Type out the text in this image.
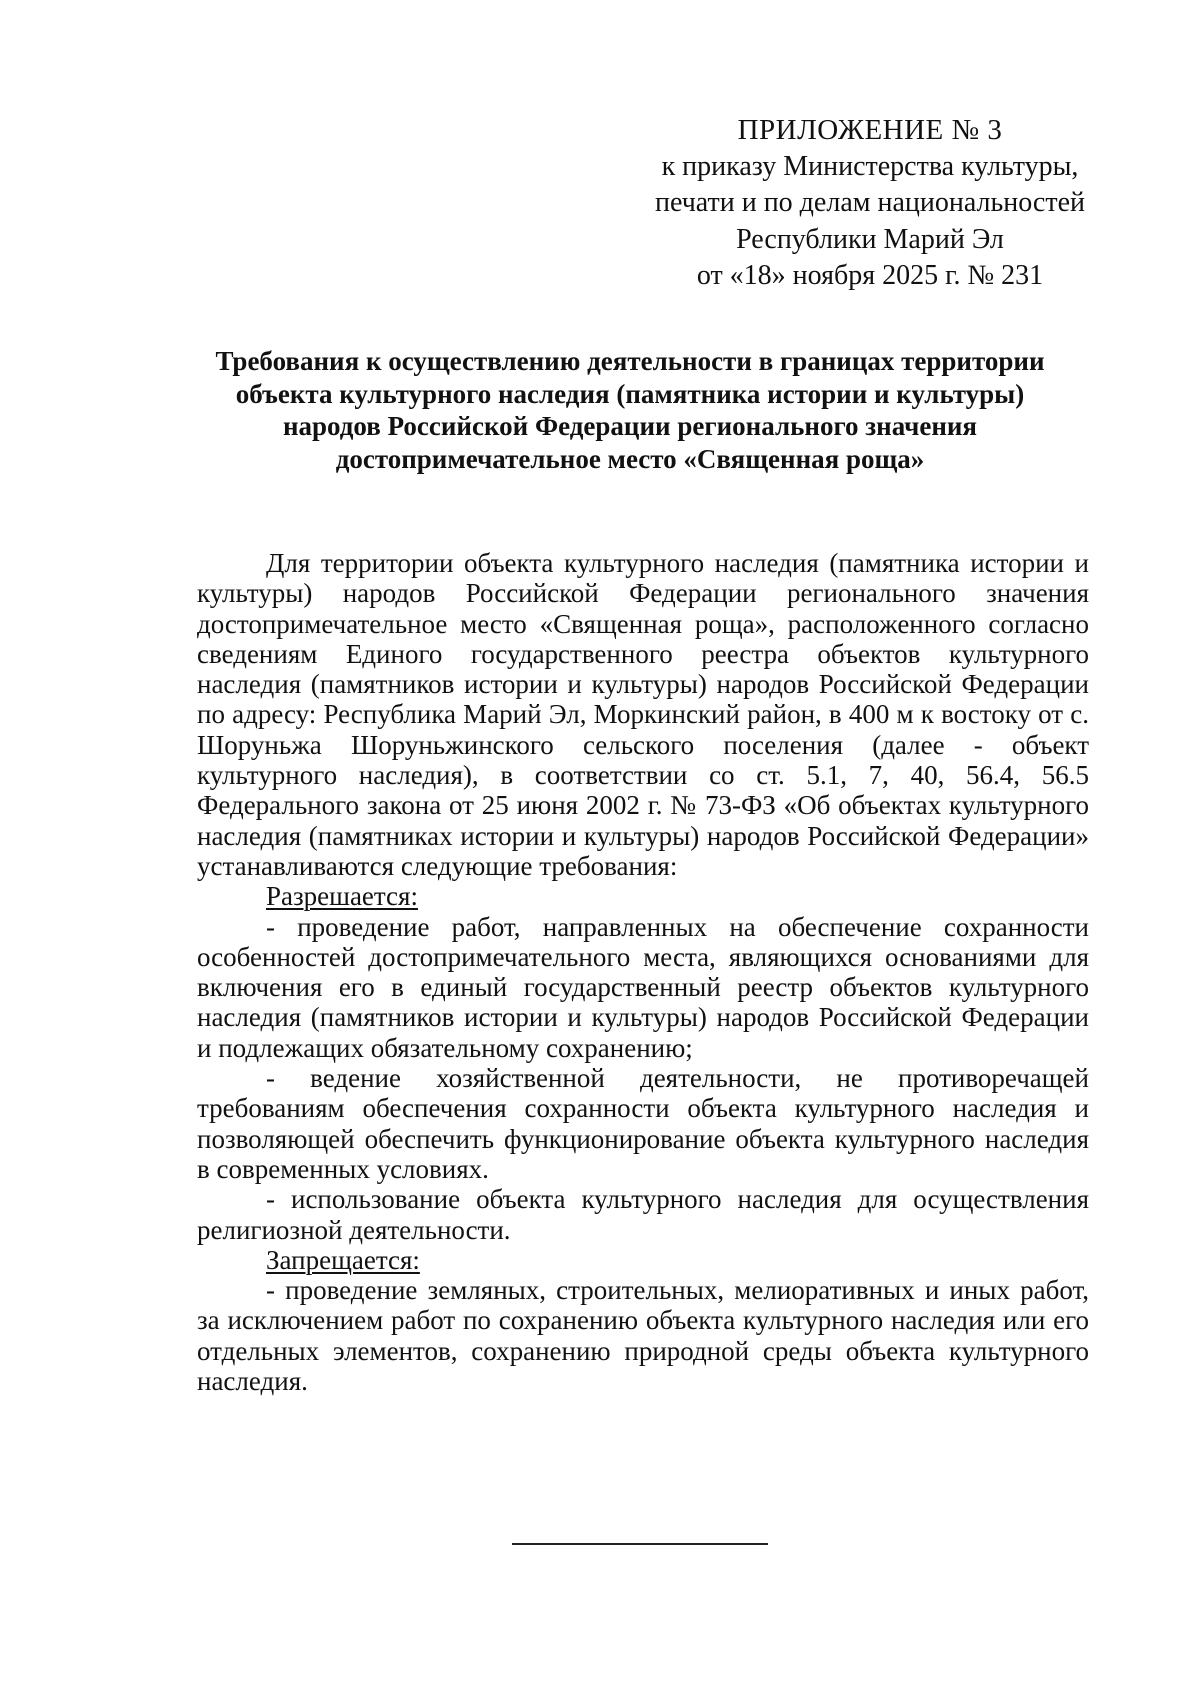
ПРИЛОЖЕНИЕ № 3
к приказу Министерства культуры,
печати и по делам национальностей
Республики Марий Эл
от «18» ноября 2025 г. № 231
Требования к осуществлению деятельности в границах территории
объекта культурного наследия (памятника истории и культуры)
народов Российской Федерации регионального значения
достопримечательное место «Священная роща»

Для территории объекта культурного наследия (памятника истории и культуры) народов Российской Федерации регионального значения достопримечательное место «Священная роща», расположенного согласно сведениям Единого государственного реестра объектов культурного наследия (памятников истории и культуры) народов Российской Федерации по адресу: Республика Марий Эл, Моркинский район, в 400 м к востоку от с. Шоруньжа Шоруньжинского сельского поселения (далее - объект культурного наследия), в соответствии со ст. 5.1, 7, 40, 56.4, 56.5 Федерального закона от 25 июня 2002 г. № 73-ФЗ «Об объектах культурного наследия (памятниках истории и культуры) народов Российской Федерации» устанавливаются следующие требования:

Разрешается:

- проведение работ, направленных на обеспечение сохранности особенностей достопримечательного места, являющихся основаниями для включения его в единый государственный реестр объектов культурного наследия (памятников истории и культуры) народов Российской Федерации и подлежащих обязательному сохранению;

- ведение хозяйственной деятельности, не противоречащей требованиям обеспечения сохранности объекта культурного наследия и позволяющей обеспечить функционирование объекта культурного наследия в современных условиях.

- использование объекта культурного наследия для осуществления религиозной деятельности.

Запрещается:

- проведение земляных, строительных, мелиоративных и иных работ, за исключением работ по сохранению объекта культурного наследия или его отдельных элементов, сохранению природной среды объекта культурного наследия.
